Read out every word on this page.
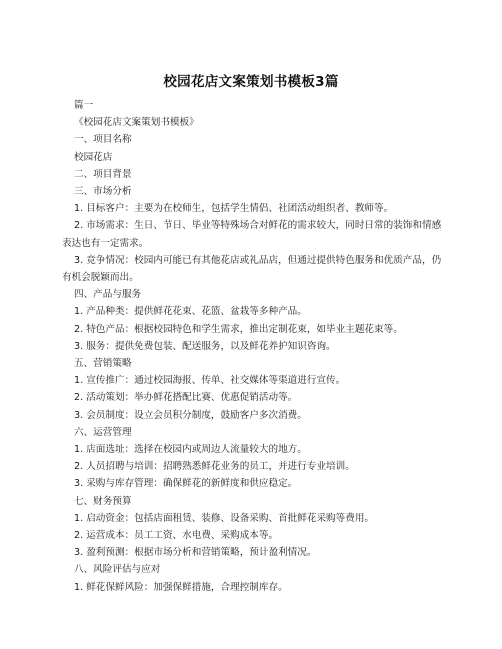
校园花店文案策划书模板3篇
篇一
《校园花店文案策划书模板》
一、项目名称
校园花店
二、项目背景
三、市场分析
1. 目标客户：主要为在校师生，包括学生情侣、社团活动组织者、教师等。
2. 市场需求：生日、节日、毕业等特殊场合对鲜花的需求较大，同时日常的装饰和情感表达也有一定需求。
3. 竞争情况：校园内可能已有其他花店或礼品店，但通过提供特色服务和优质产品，仍有机会脱颖而出。
四、产品与服务
1. 产品种类：提供鲜花花束、花篮、盆栽等多种产品。
2. 特色产品：根据校园特色和学生需求，推出定制花束，如毕业主题花束等。
3. 服务：提供免费包装、配送服务，以及鲜花养护知识咨询。
五、营销策略
1. 宣传推广：通过校园海报、传单、社交媒体等渠道进行宣传。
2. 活动策划：举办鲜花搭配比赛、优惠促销活动等。
3. 会员制度：设立会员积分制度，鼓励客户多次消费。
六、运营管理
1. 店面选址：选择在校园内或周边人流量较大的地方。
2. 人员招聘与培训：招聘熟悉鲜花业务的员工，并进行专业培训。
3. 采购与库存管理：确保鲜花的新鲜度和供应稳定。
七、财务预算
1. 启动资金：包括店面租赁、装修、设备采购、首批鲜花采购等费用。
2. 运营成本：员工工资、水电费、采购成本等。
3. 盈利预测：根据市场分析和营销策略，预计盈利情况。
八、风险评估与应对
1. 鲜花保鲜风险：加强保鲜措施，合理控制库存。
